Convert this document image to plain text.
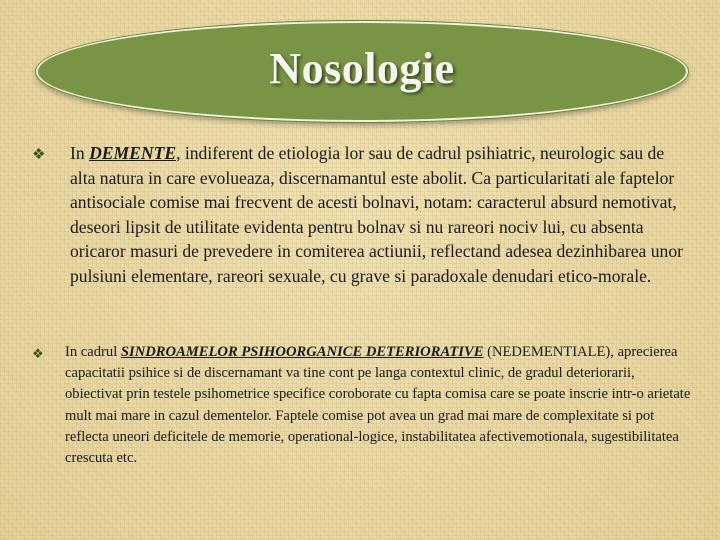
Nosologie
❖ In DEMENTE, indiferent de etiologia lor sau de cadrul psihiatric, neurologic sau de alta natura in care evolueaza, discernamantul este abolit. Ca particularitati ale faptelor antisociale comise mai frecvent de acesti bolnavi, notam: caracterul absurd nemotivat, deseori lipsit de utilitate evidenta pentru bolnav si nu rareori nociv lui, cu absenta oricaror masuri de prevedere in comiterea actiunii, reflectand adesea dezinhibarea unor pulsiuni elementare, rareori sexuale, cu grave si paradoxale denudari etico-morale.
❖ In cadrul SINDROAMELOR PSIHOORGANICE DETERIORATIVE (NEDEMENTIALE), aprecierea capacitatii psihice si de discernamant va tine cont pe langa contextul clinic, de gradul deteriorarii, obiectivat prin testele psihometrice specifice coroborate cu fapta comisa care se poate inscrie intr-o arietate mult mai mare in cazul dementelor. Faptele comise pot avea un grad mai mare de complexitate si pot reflecta uneori deficitele de memorie, operational-logice, instabilitatea afectivemotionala, sugestibilitatea crescuta etc.
